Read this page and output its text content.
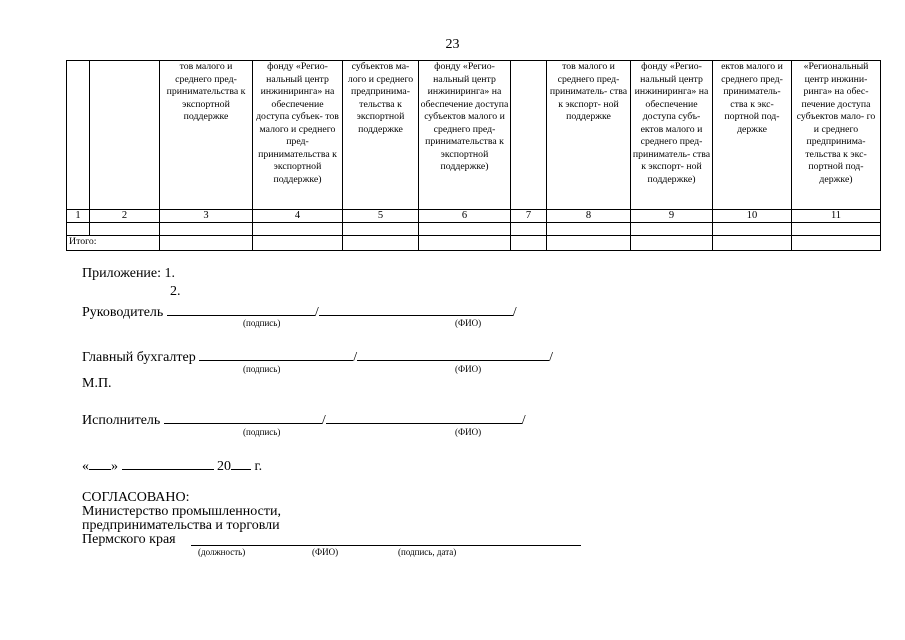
23
		тов малого и среднего пред- принимательства к экспортной поддержке	фонду «Регио- нальный центр инжиниринга» на обеспечение доступа субъек- тов малого и среднего пред- принимательства к экспортной поддержке)	субъектов ма- лого и среднего предпринима- тельства к экспортной поддержке	фонду «Регио- нальный центр инжиниринга» на обеспечение доступа субъектов малого и среднего пред- принимательства к экспортной поддержке)		тов малого и среднего пред- приниматель- ства к экспорт- ной поддержке	фонду «Регио- нальный центр инжиниринга» на обеспечение доступа субъ- ектов малого и среднего пред- приниматель- ства к экспорт- ной поддержке)	ектов малого и среднего пред- приниматель- ства к экс- портной под- держке	«Региональный центр инжини- ринга» на обес- печение доступа субъектов мало- го и среднего предпринима- тельства к экс- портной под- держке)
1	2	3	4	5	6	7	8	9	10	11

Итого:										
Приложение: 1.
2.
Руководитель	/	/
(подпись)	(ФИО)
Главный бухгалтер	/	/
(подпись)	(ФИО)
М.П.
Исполнитель	/	/
(подпись)	(ФИО)
« »	20 г.
СОГЛАСОВАНО:
Министерство промышленности,
предпринимательства и торговли
Пермского края
(должность)	(ФИО)	(подпись, дата)
